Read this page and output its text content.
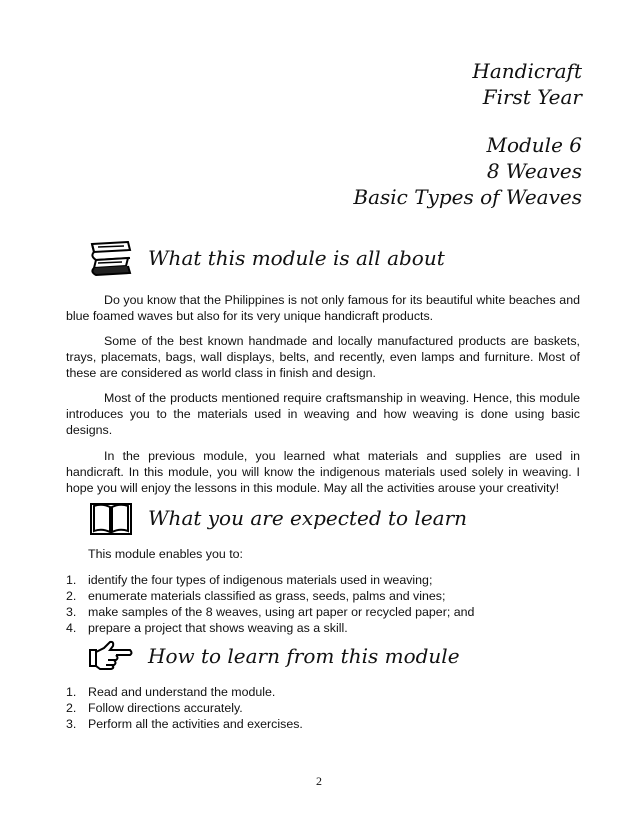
Handicraft
First Year
Module 6
8 Weaves
Basic Types of Weaves
What this module is all about
Do you know that the Philippines is not only famous for its beautiful white beaches and blue foamed waves but also for its very unique handicraft products.
Some of the best known handmade and locally manufactured products are baskets, trays, placemats, bags, wall displays, belts, and recently, even lamps and furniture. Most of these are considered as world class in finish and design.
Most of the products mentioned require craftsmanship in weaving. Hence, this module introduces you to the materials used in weaving and how weaving is done using basic designs.
In the previous module, you learned what materials and supplies are used in handicraft. In this module, you will know the indigenous materials used solely in weaving. I hope you will enjoy the lessons in this module. May all the activities arouse your creativity!
What you are expected to learn
This module enables you to:
1. identify the four types of indigenous materials used in weaving;
2. enumerate materials classified as grass, seeds, palms and vines;
3. make samples of the 8 weaves, using art paper or recycled paper; and
4. prepare a project that shows weaving as a skill.
How to learn from this module
1. Read and understand the module.
2. Follow directions accurately.
3. Perform all the activities and exercises.
2
